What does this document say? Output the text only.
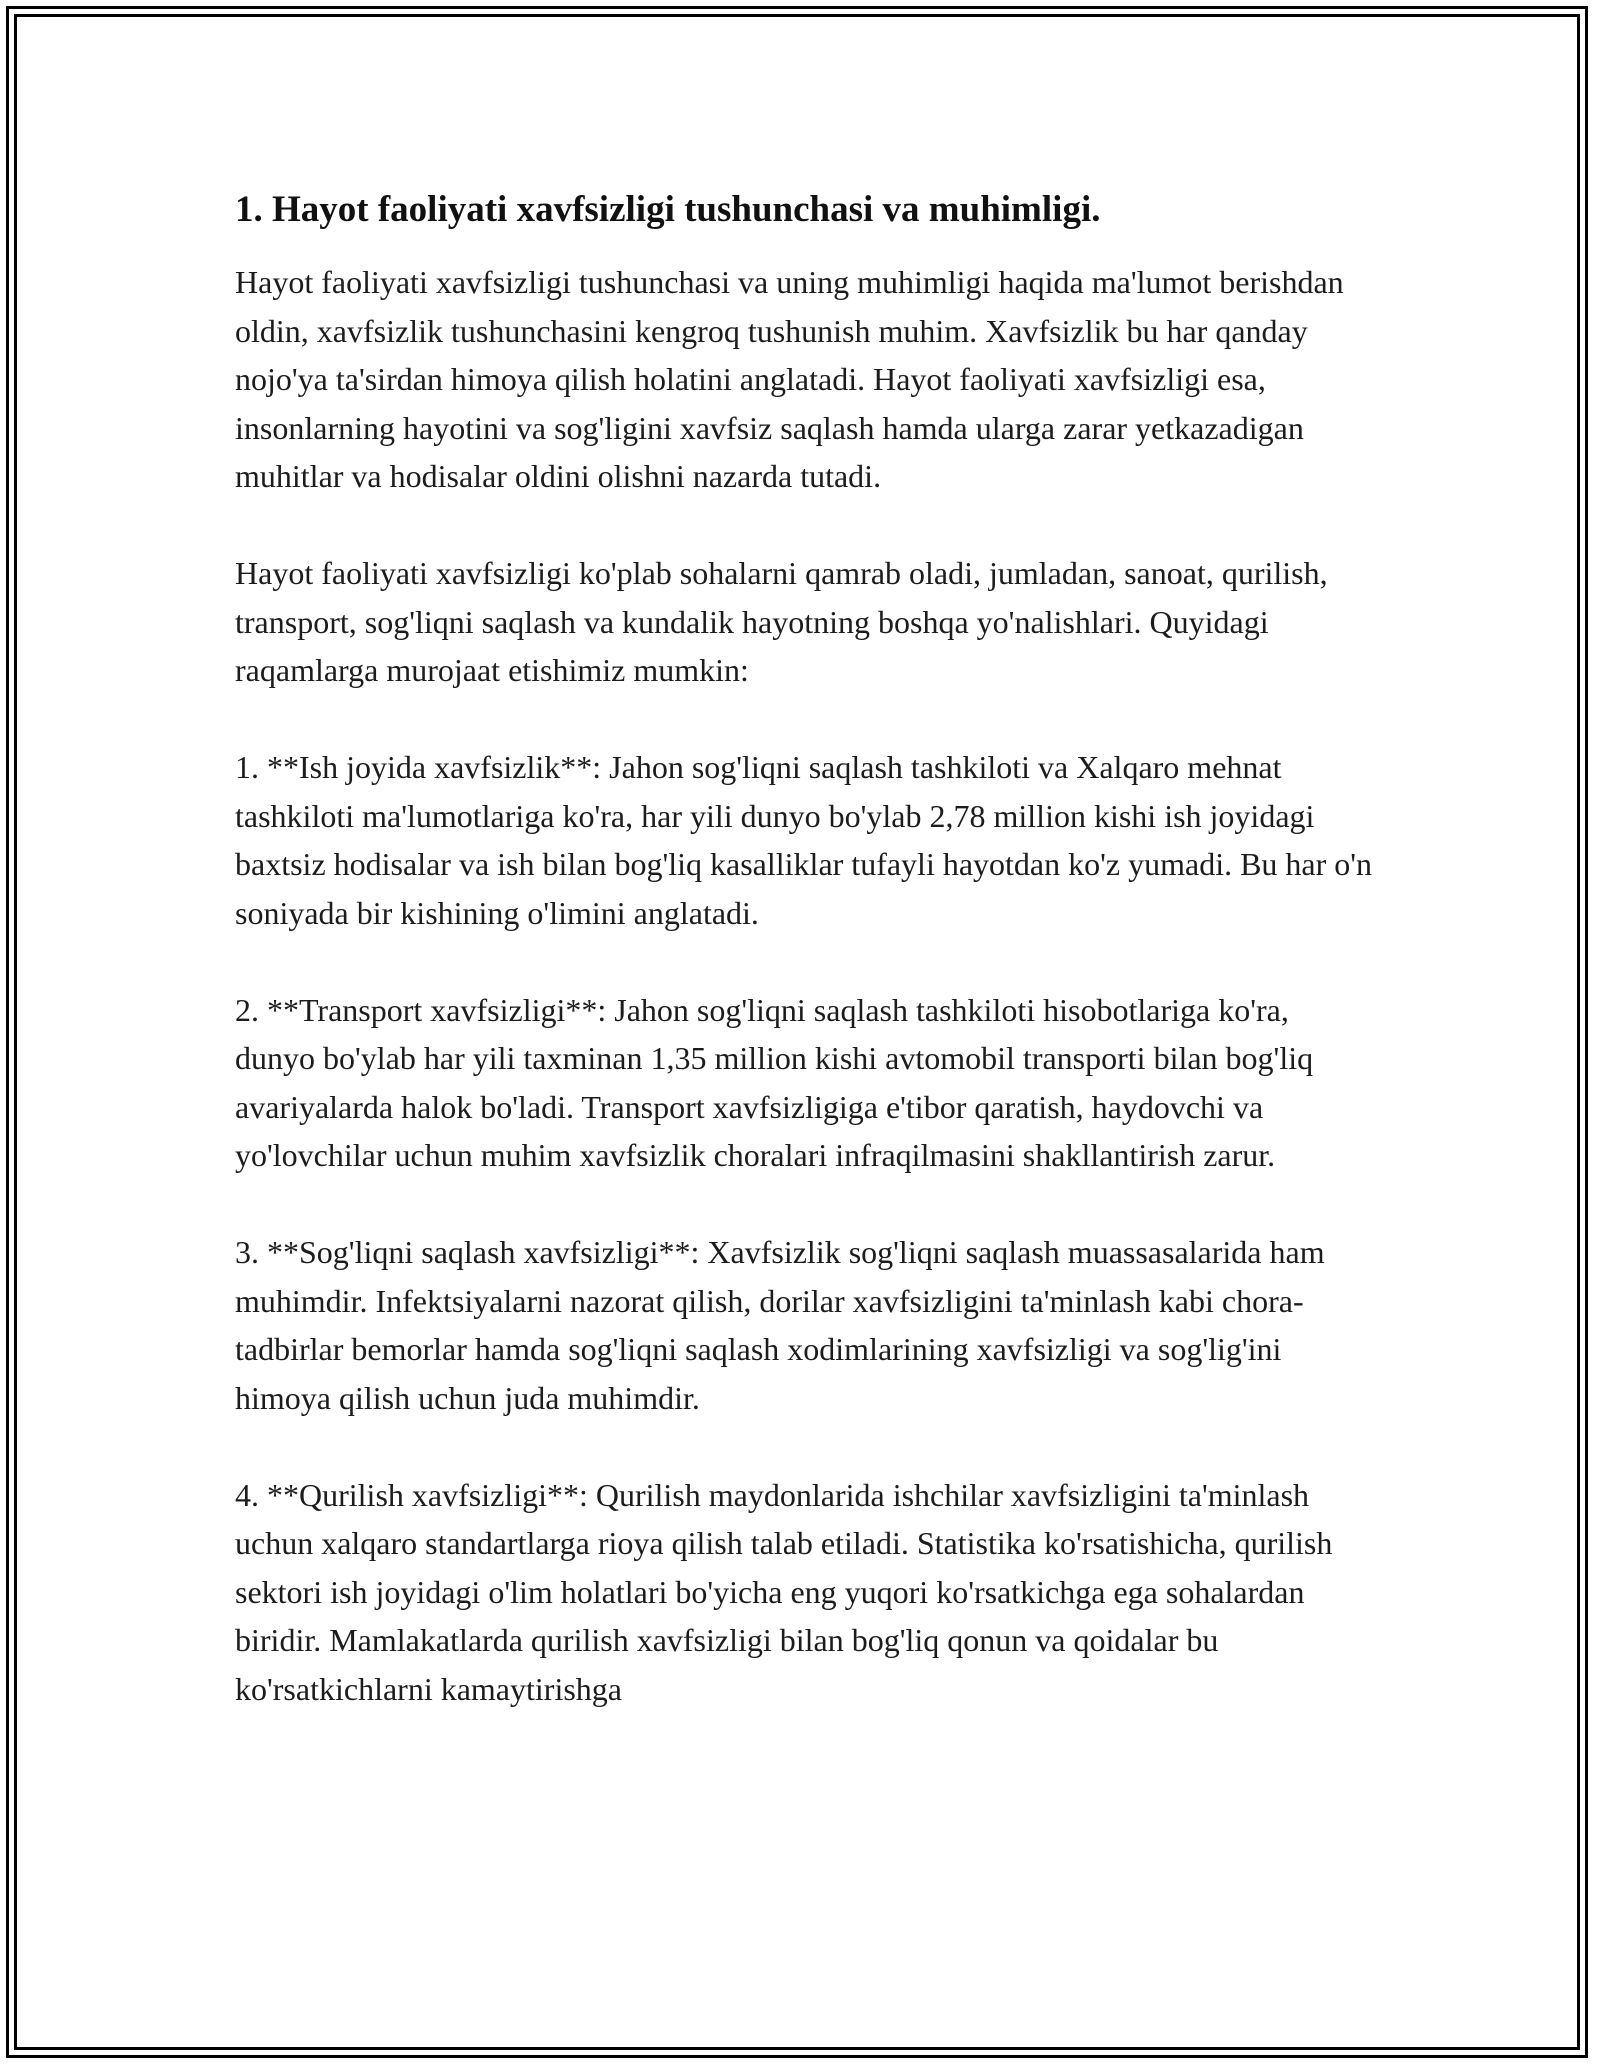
1. Hayot faoliyati xavfsizligi tushunchasi va muhimligi.

Hayot faoliyati xavfsizligi tushunchasi va uning muhimligi haqida ma'lumot berishdan oldin, xavfsizlik tushunchasini kengroq tushunish muhim. Xavfsizlik bu har qanday nojo'ya ta'sirdan himoya qilish holatini anglatadi. Hayot faoliyati xavfsizligi esa, insonlarning hayotini va sog'ligini xavfsiz saqlash hamda ularga zarar yetkazadigan muhitlar va hodisalar oldini olishni nazarda tutadi.

Hayot faoliyati xavfsizligi ko'plab sohalarni qamrab oladi, jumladan, sanoat, qurilish, transport, sog'liqni saqlash va kundalik hayotning boshqa yo'nalishlari. Quyidagi raqamlarga murojaat etishimiz mumkin:

1. **Ish joyida xavfsizlik**: Jahon sog'liqni saqlash tashkiloti va Xalqaro mehnat tashkiloti ma'lumotlariga ko'ra, har yili dunyo bo'ylab 2,78 million kishi ish joyidagi baxtsiz hodisalar va ish bilan bog'liq kasalliklar tufayli hayotdan ko'z yumadi. Bu har o'n soniyada bir kishining o'limini anglatadi.

2. **Transport xavfsizligi**: Jahon sog'liqni saqlash tashkiloti hisobotlariga ko'ra, dunyo bo'ylab har yili taxminan 1,35 million kishi avtomobil transporti bilan bog'liq avariyalarda halok bo'ladi. Transport xavfsizligiga e'tibor qaratish, haydovchi va yo'lovchilar uchun muhim xavfsizlik choralari infraqilmasini shakllantirish zarur.

3. **Sog'liqni saqlash xavfsizligi**: Xavfsizlik sog'liqni saqlash muassasalarida ham muhimdir. Infektsiyalarni nazorat qilish, dorilar xavfsizligini ta'minlash kabi chora-tadbirlar bemorlar hamda sog'liqni saqlash xodimlarining xavfsizligi va sog'lig'ini himoya qilish uchun juda muhimdir.

4. **Qurilish xavfsizligi**: Qurilish maydonlarida ishchilar xavfsizligini ta'minlash uchun xalqaro standartlarga rioya qilish talab etiladi. Statistika ko'rsatishicha, qurilish sektori ish joyidagi o'lim holatlari bo'yicha eng yuqori ko'rsatkichga ega sohalardan biridir. Mamlakatlarda qurilish xavfsizligi bilan bog'liq qonun va qoidalar bu ko'rsatkichlarni kamaytirishga
